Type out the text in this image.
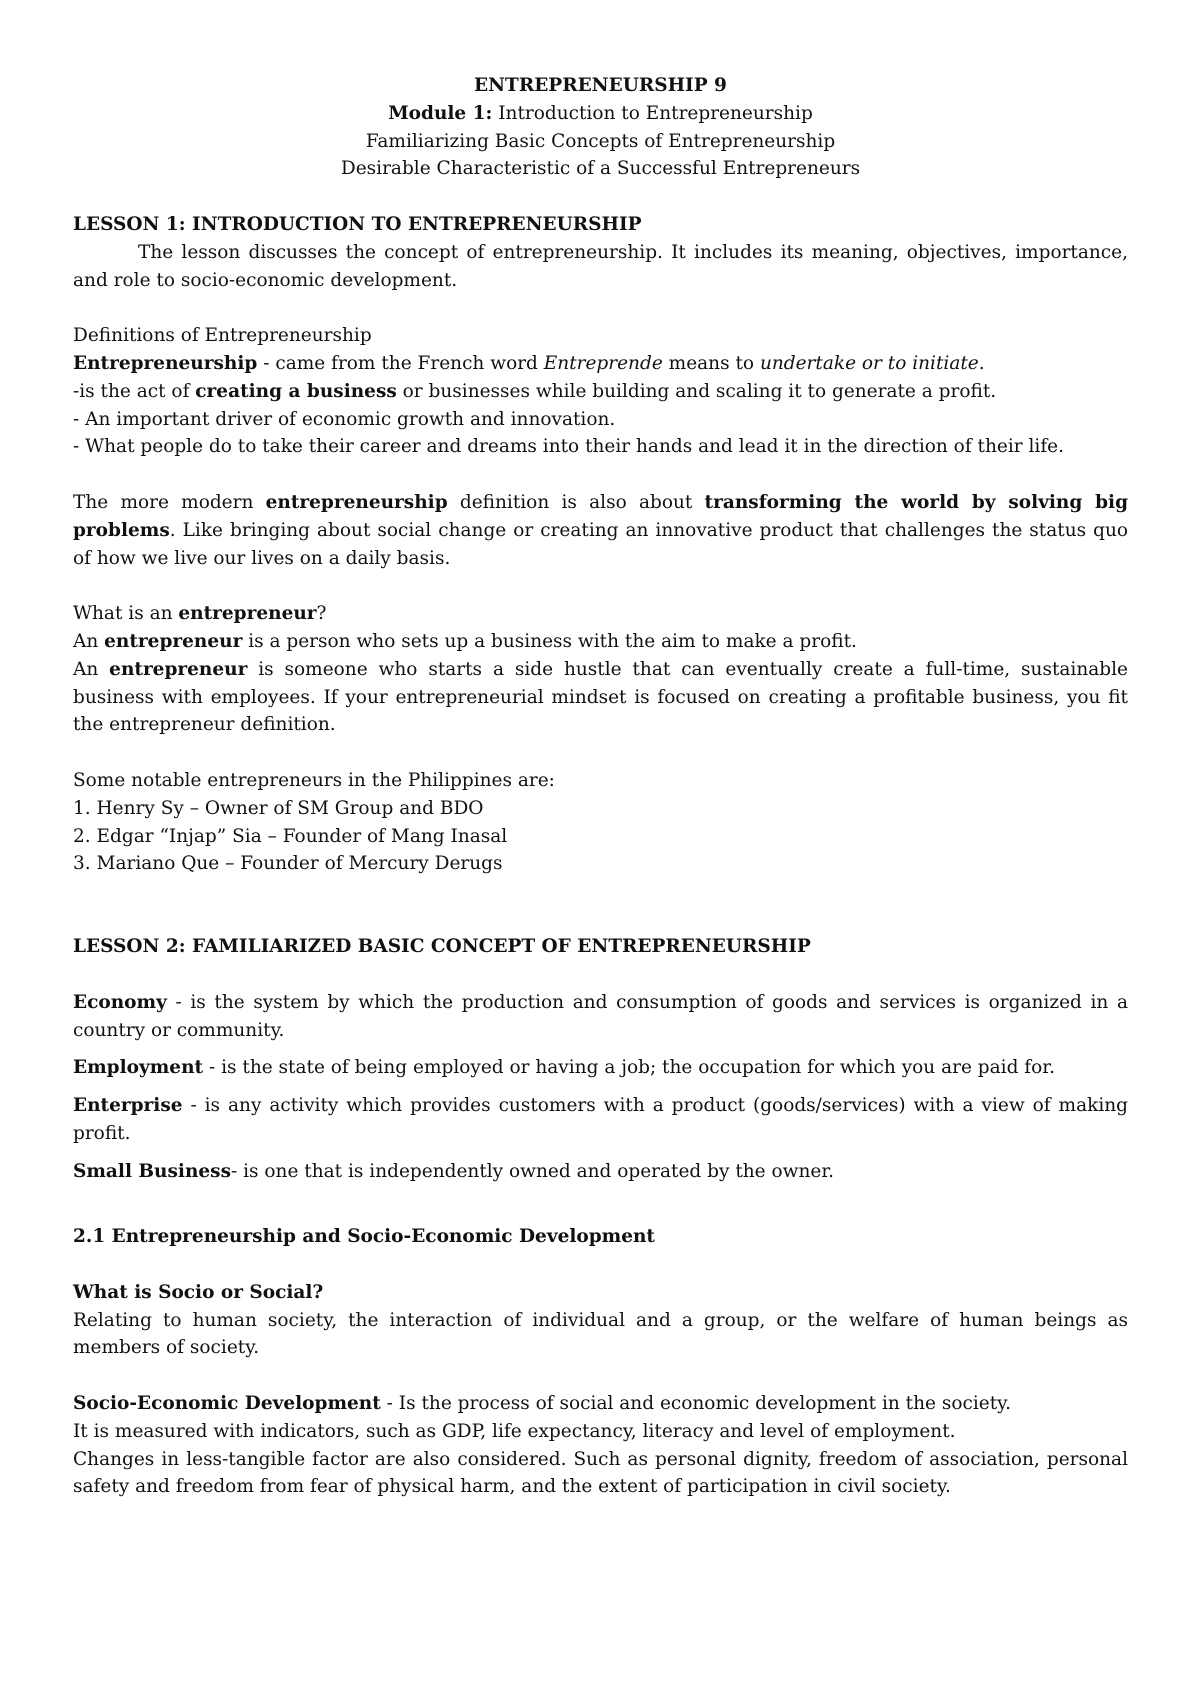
ENTREPRENEURSHIP 9

Module 1: Introduction to Entrepreneurship

Familiarizing Basic Concepts of Entrepreneurship

Desirable Characteristic of a Successful Entrepreneurs

LESSON 1: INTRODUCTION TO ENTREPRENEURSHIP

The lesson discusses the concept of entrepreneurship. It includes its meaning, objectives, importance, and role to socio-economic development.

Definitions of Entrepreneurship

Entrepreneurship - came from the French word Entreprende means to undertake or to initiate.

-is the act of creating a business or businesses while building and scaling it to generate a profit.

- An important driver of economic growth and innovation.

- What people do to take their career and dreams into their hands and lead it in the direction of their life.

The more modern entrepreneurship definition is also about transforming the world by solving big problems. Like bringing about social change or creating an innovative product that challenges the status quo of how we live our lives on a daily basis.

What is an entrepreneur?

An entrepreneur is a person who sets up a business with the aim to make a profit.

An entrepreneur is someone who starts a side hustle that can eventually create a full-time, sustainable business with employees. If your entrepreneurial mindset is focused on creating a profitable business, you fit the entrepreneur definition.

Some notable entrepreneurs in the Philippines are:

1. Henry Sy – Owner of SM Group and BDO

2. Edgar “Injap” Sia – Founder of Mang Inasal

3. Mariano Que – Founder of Mercury Derugs

LESSON 2: FAMILIARIZED BASIC CONCEPT OF ENTREPRENEURSHIP

Economy - is the system by which the production and consumption of goods and services is organized in a country or community.

Employment - is the state of being employed or having a job; the occupation for which you are paid for.

Enterprise - is any activity which provides customers with a product (goods/services) with a view of making profit.

Small Business- is one that is independently owned and operated by the owner.

2.1 Entrepreneurship and Socio-Economic Development

What is Socio or Social?

Relating to human society, the interaction of individual and a group, or the welfare of human beings as members of society.

Socio-Economic Development - Is the process of social and economic development in the society.

It is measured with indicators, such as GDP, life expectancy, literacy and level of employment.

Changes in less-tangible factor are also considered. Such as personal dignity, freedom of association, personal safety and freedom from fear of physical harm, and the extent of participation in civil society.
